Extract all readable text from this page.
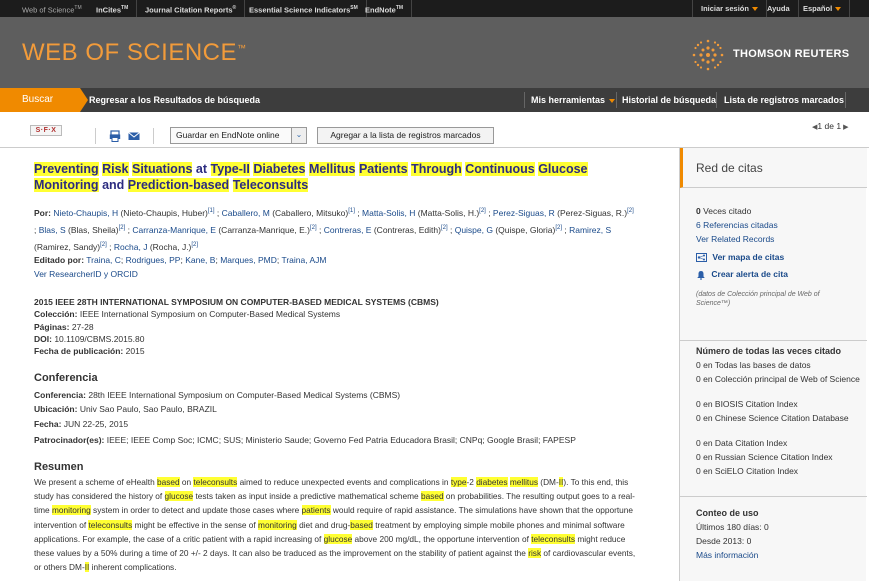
Web of Science™	InCites™	Journal Citation Reports®	Essential Science Indicators℠ EndNote™	Iniciar sesión	Ayuda	Español
WEB OF SCIENCE™	THOMSON REUTERS
Buscar	Regresar a los Resultados de búsqueda	Mis herramientas	Historial de búsqueda Lista de registros marcados
S·F·X	Guardar en EndNote online	⌄	Agregar a la lista de registros marcados
◀1 de 1 ▶
Preventing Risk Situations at Type-II Diabetes Mellitus Patients Through Continuous Glucose Monitoring and Prediction-based Teleconsults
Por: Nieto-Chaupis, H (Nieto-Chaupis, Huber)[1] ; Caballero, M (Caballero, Mitsuko)[1] ; Matta-Solis, H (Matta-Solis, H.)[2] ; Perez-Siguas, R (Perez-Siguas, R.)[2] ; Blas, S (Blas, Sheila)[2] ; Carranza-Manrique, E (Carranza-Manrique, E.)[2] ; Contreras, E (Contreras, Edith)[2] ; Quispe, G (Quispe, Gloria)[2] ; Ramirez, S (Ramirez, Sandy)[2] ; Rocha, J (Rocha, J.)[2]
Editado por: Traina, C; Rodrigues, PP; Kane, B; Marques, PMD; Traina, AJM
Ver ResearcherID y ORCID
2015 IEEE 28TH INTERNATIONAL SYMPOSIUM ON COMPUTER-BASED MEDICAL SYSTEMS (CBMS)
Colección: IEEE International Symposium on Computer-Based Medical Systems
Páginas: 27-28
DOI: 10.1109/CBMS.2015.80
Fecha de publicación: 2015
Conferencia
Conferencia: 28th IEEE International Symposium on Computer-Based Medical Systems (CBMS)
Ubicación: Univ Sao Paulo, Sao Paulo, BRAZIL
Fecha: JUN 22-25, 2015
Patrocinador(es): IEEE; IEEE Comp Soc; ICMC; SUS; Ministerio Saude; Governo Fed Patria Educadora Brasil; CNPq; Google Brasil; FAPESP
Resumen
We present a scheme of eHealth based on teleconsults aimed to reduce unexpected events and complications in type-2 diabetes mellitus (DM-II). To this end, this study has considered the history of glucose tests taken as input inside a predictive mathematical scheme based on probabilities. The resulting output goes to a real-time monitoring system in order to detect and update those cases where patients would require of rapid assistance. The simulations have shown that the opportune intervention of teleconsults might be effective in the sense of monitoring diet and drug-based treatment by employing simple mobile phones and minimal software applications. For example, the case of a critic patient with a rapid increasing of glucose above 200 mg/dL, the opportune intervention of teleconsults might reduce these values by a 50% during a time of 20 +/- 2 days. It can also be traduced as the improvement on the stability of patient against the risk of cardiovascular events, or others DM-II inherent complications.
Red de citas
0 Veces citado
6 Referencias citadas
Ver Related Records
Ver mapa de citas
Crear alerta de cita
(datos de Colección principal de Web of Science™)
Número de todas las veces citado
0 en Todas las bases de datos
0 en Colección principal de Web of Science
0 en BIOSIS Citation Index
0 en Chinese Science Citation Database
0 en Data Citation Index
0 en Russian Science Citation Index
0 en SciELO Citation Index
Conteo de uso
Últimos 180 días: 0
Desde 2013: 0
Más información
